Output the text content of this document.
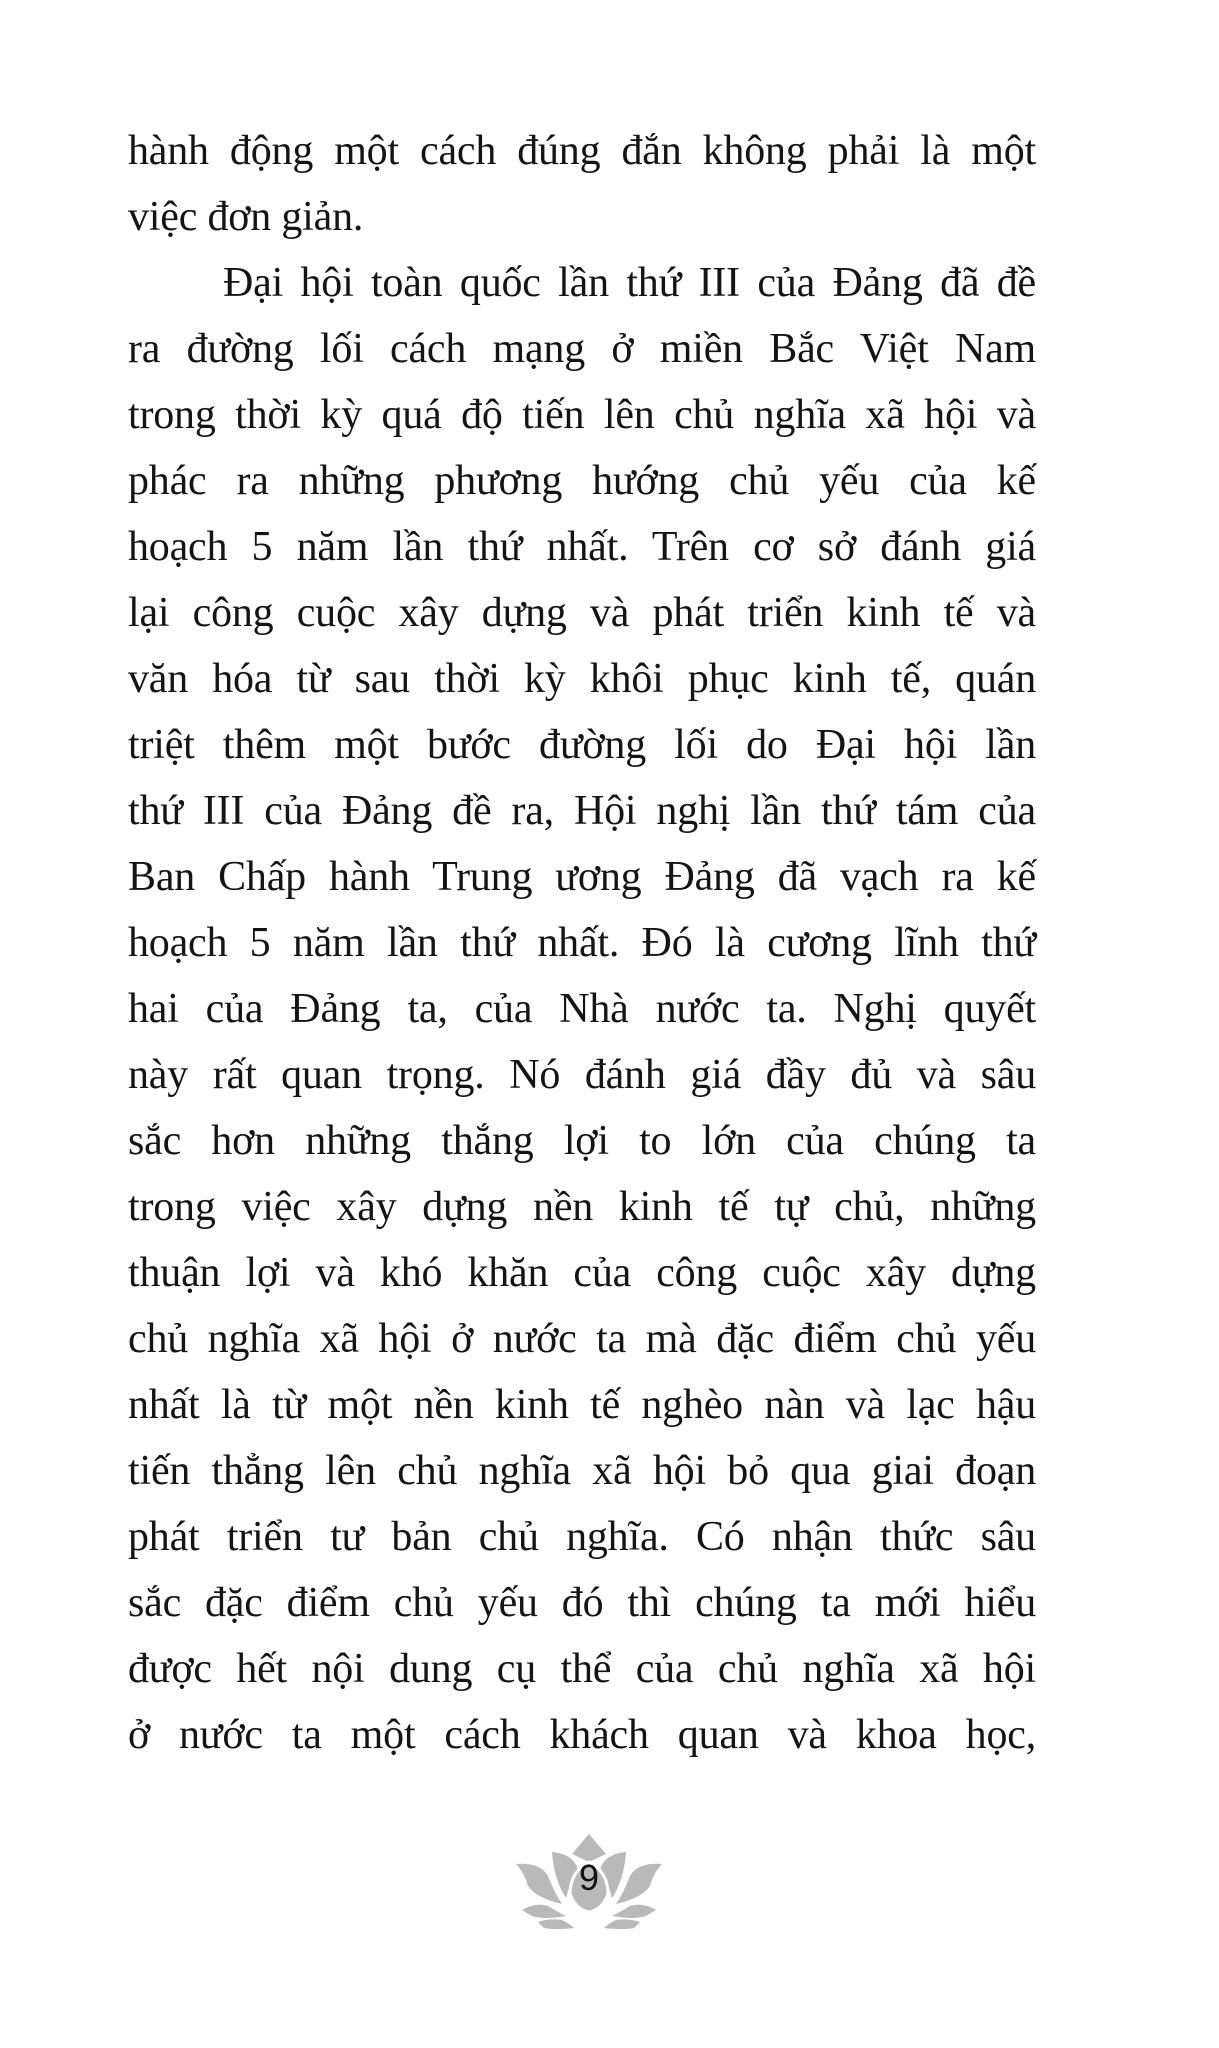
hành động một cách đúng đắn không phải là một
việc đơn giản.
Đại hội toàn quốc lần thứ III của Đảng đã đề
ra đường lối cách mạng ở miền Bắc Việt Nam
trong thời kỳ quá độ tiến lên chủ nghĩa xã hội và
phác ra những phương hướng chủ yếu của kế
hoạch 5 năm lần thứ nhất. Trên cơ sở đánh giá
lại công cuộc xây dựng và phát triển kinh tế và
văn hóa từ sau thời kỳ khôi phục kinh tế, quán
triệt thêm một bước đường lối do Đại hội lần
thứ III của Đảng đề ra, Hội nghị lần thứ tám của
Ban Chấp hành Trung ương Đảng đã vạch ra kế
hoạch 5 năm lần thứ nhất. Đó là cương lĩnh thứ
hai của Đảng ta, của Nhà nước ta. Nghị quyết
này rất quan trọng. Nó đánh giá đầy đủ và sâu
sắc hơn những thắng lợi to lớn của chúng ta
trong việc xây dựng nền kinh tế tự chủ, những
thuận lợi và khó khăn của công cuộc xây dựng
chủ nghĩa xã hội ở nước ta mà đặc điểm chủ yếu
nhất là từ một nền kinh tế nghèo nàn và lạc hậu
tiến thẳng lên chủ nghĩa xã hội bỏ qua giai đoạn
phát triển tư bản chủ nghĩa. Có nhận thức sâu
sắc đặc điểm chủ yếu đó thì chúng ta mới hiểu
được hết nội dung cụ thể của chủ nghĩa xã hội
ở nước ta một cách khách quan và khoa học,
9
